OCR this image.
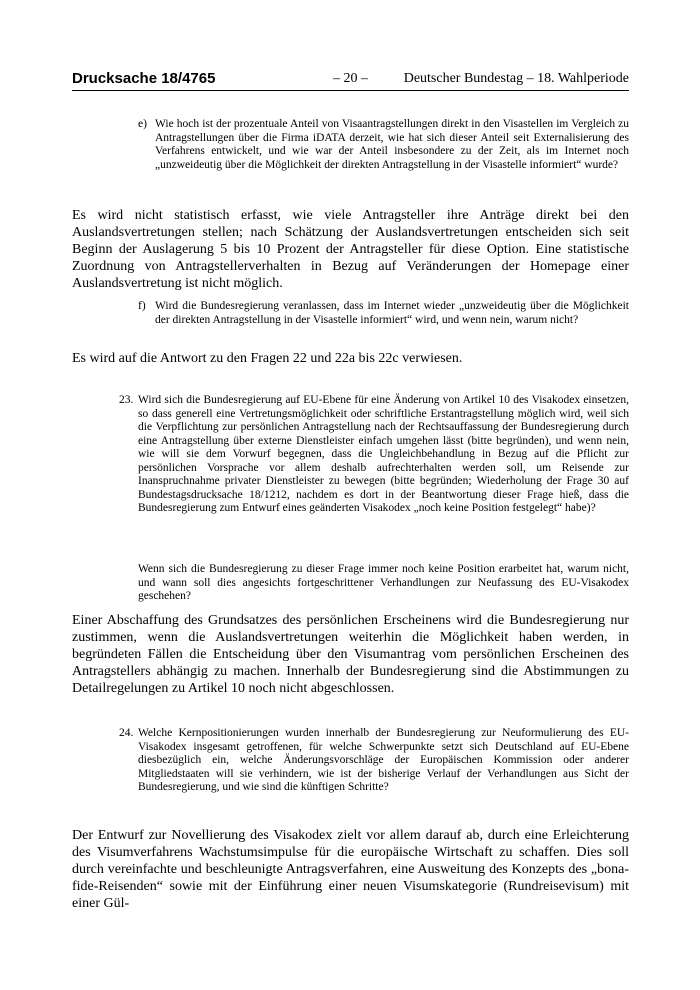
Drucksache 18/4765	– 20 –	Deutscher Bundestag – 18. Wahlperiode
e) Wie hoch ist der prozentuale Anteil von Visaantragstellungen direkt in den Visastellen im Vergleich zu Antragstellungen über die Firma iDATA derzeit, wie hat sich dieser Anteil seit Externalisierung des Verfahrens entwickelt, und wie war der Anteil insbesondere zu der Zeit, als im Internet noch „unzweideutig über die Möglichkeit der direkten Antragstellung in der Visastelle informiert“ wurde?

Es wird nicht statistisch erfasst, wie viele Antragsteller ihre Anträge direkt bei den Auslandsvertretungen stellen; nach Schätzung der Auslandsvertretungen entscheiden sich seit Beginn der Auslagerung 5 bis 10 Prozent der Antragsteller für diese Option. Eine statistische Zuordnung von Antragstellerverhalten in Bezug auf Veränderungen der Homepage einer Auslandsvertretung ist nicht möglich.

f) Wird die Bundesregierung veranlassen, dass im Internet wieder „unzweideutig über die Möglichkeit der direkten Antragstellung in der Visastelle informiert“ wird, und wenn nein, warum nicht?

Es wird auf die Antwort zu den Fragen 22 und 22a bis 22c verwiesen.

23. Wird sich die Bundesregierung auf EU-Ebene für eine Änderung von Artikel 10 des Visakodex einsetzen, so dass generell eine Vertretungsmöglichkeit oder schriftliche Erstantragstellung möglich wird, weil sich die Verpflichtung zur persönlichen Antragstellung nach der Rechtsauffassung der Bundesregierung durch eine Antragstellung über externe Dienstleister einfach umgehen lässt (bitte begründen), und wenn nein, wie will sie dem Vorwurf begegnen, dass die Ungleichbehandlung in Bezug auf die Pflicht zur persönlichen Vorsprache vor allem deshalb aufrechterhalten werden soll, um Reisende zur Inanspruchnahme privater Dienstleister zu bewegen (bitte begründen; Wiederholung der Frage 30 auf Bundestagsdrucksache 18/1212, nachdem es dort in der Beantwortung dieser Frage hieß, dass die Bundesregierung zum Entwurf eines geänderten Visakodex „noch keine Position festgelegt“ habe)?

Wenn sich die Bundesregierung zu dieser Frage immer noch keine Position erarbeitet hat, warum nicht, und wann soll dies angesichts fortgeschrittener Verhandlungen zur Neufassung des EU-Visakodex geschehen?

Einer Abschaffung des Grundsatzes des persönlichen Erscheinens wird die Bundesregierung nur zustimmen, wenn die Auslandsvertretungen weiterhin die Möglichkeit haben werden, in begründeten Fällen die Entscheidung über den Visumantrag vom persönlichen Erscheinen des Antragstellers abhängig zu machen. Innerhalb der Bundesregierung sind die Abstimmungen zu Detailregelungen zu Artikel 10 noch nicht abgeschlossen.

24. Welche Kernpositionierungen wurden innerhalb der Bundesregierung zur Neuformulierung des EU-Visakodex insgesamt getroffenen, für welche Schwerpunkte setzt sich Deutschland auf EU-Ebene diesbezüglich ein, welche Änderungsvorschläge der Europäischen Kommission oder anderer Mitgliedstaaten will sie verhindern, wie ist der bisherige Verlauf der Verhandlungen aus Sicht der Bundesregierung, und wie sind die künftigen Schritte?

Der Entwurf zur Novellierung des Visakodex zielt vor allem darauf ab, durch eine Erleichterung des Visumverfahrens Wachstumsimpulse für die europäische Wirtschaft zu schaffen. Dies soll durch vereinfachte und beschleunigte Antragsverfahren, eine Ausweitung des Konzepts des „bona-fide-Reisenden“ sowie mit der Einführung einer neuen Visumskategorie (Rundreisevisum) mit einer Gül-
